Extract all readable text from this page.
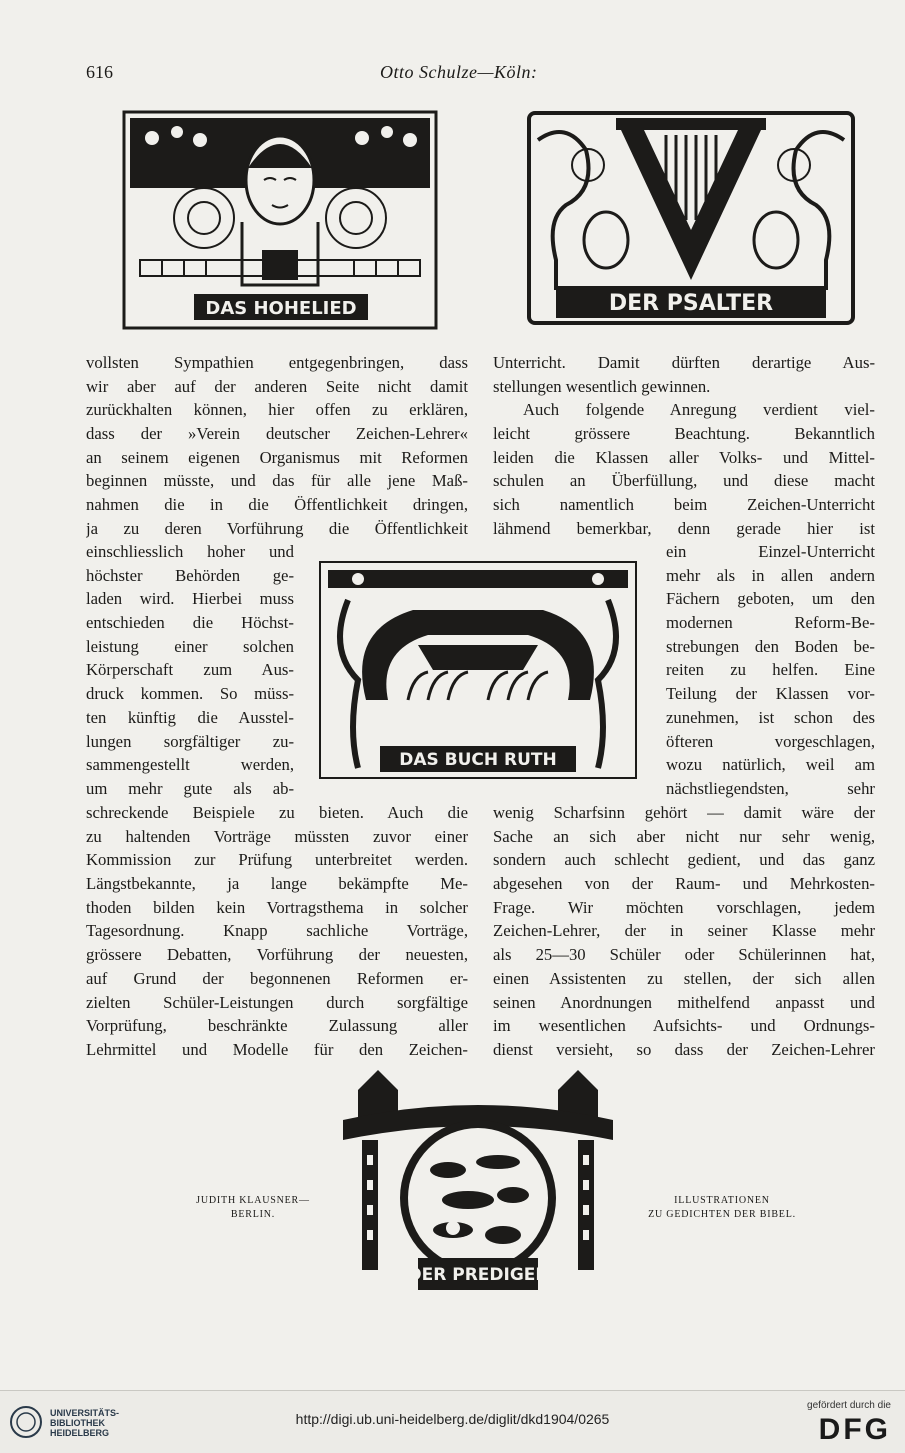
616	Otto Schulze—Köln:
DAS HOHELIED	DER PSALTER
vollsten Sympathien entgegenbringen, dass
wir aber auf der anderen Seite nicht damit
zurückhalten können, hier offen zu erklären,
dass der »Verein deutscher Zeichen-Lehrer«
an seinem eigenen Organismus mit Reformen
beginnen müsste, und das für alle jene Maß-
nahmen die in die Öffentlichkeit dringen,
ja zu deren Vorführung die Öffentlichkeit
Unterricht. Damit dürften derartige Aus-
stellungen wesentlich gewinnen.
Auch folgende Anregung verdient viel-
leicht grössere Beachtung. Bekanntlich
leiden die Klassen aller Volks- und Mittel-
schulen an Überfüllung, und diese macht
sich namentlich beim Zeichen-Unterricht
lähmend bemerkbar, denn gerade hier ist
einschliesslich hoher und
höchster Behörden ge-
laden wird. Hierbei muss
entschieden die Höchst-
leistung einer solchen
Körperschaft zum Aus-
druck kommen. So müss-
ten künftig die Ausstel-
lungen sorgfältiger zu-
sammengestellt werden,
um mehr gute als ab-
DAS BUCH RUTH
ein Einzel-Unterricht
mehr als in allen andern
Fächern geboten, um den
modernen Reform-Be-
strebungen den Boden be-
reiten zu helfen. Eine
Teilung der Klassen vor-
zunehmen, ist schon des
öfteren vorgeschlagen,
wozu natürlich, weil am
nächstliegendsten, sehr
schreckende Beispiele zu bieten. Auch die
zu haltenden Vorträge müssten zuvor einer
Kommission zur Prüfung unterbreitet werden.
Längstbekannte, ja lange bekämpfte Me-
thoden bilden kein Vortragsthema in solcher
Tagesordnung. Knapp sachliche Vorträge,
grössere Debatten, Vorführung der neuesten,
auf Grund der begonnenen Reformen er-
zielten Schüler-Leistungen durch sorgfältige
Vorprüfung, beschränkte Zulassung aller
Lehrmittel und Modelle für den Zeichen-
wenig Scharfsinn gehört — damit wäre der
Sache an sich aber nicht nur sehr wenig,
sondern auch schlecht gedient, und das ganz
abgesehen von der Raum- und Mehrkosten-
Frage. Wir möchten vorschlagen, jedem
Zeichen-Lehrer, der in seiner Klasse mehr
als 25—30 Schüler oder Schülerinnen hat,
einen Assistenten zu stellen, der sich allen
seinen Anordnungen mithelfend anpasst und
im wesentlichen Aufsichts- und Ordnungs-
dienst versieht, so dass der Zeichen-Lehrer
DER PREDIGER
JUDITH KLAUSNER—
BERLIN.
ILLUSTRATIONEN
ZU GEDICHTEN DER BIBEL.
UNIVERSITÄTS-
BIBLIOTHEK
HEIDELBERG
http://digi.ub.uni-heidelberg.de/diglit/dkd1904/0265
gefördert durch die
DFG
